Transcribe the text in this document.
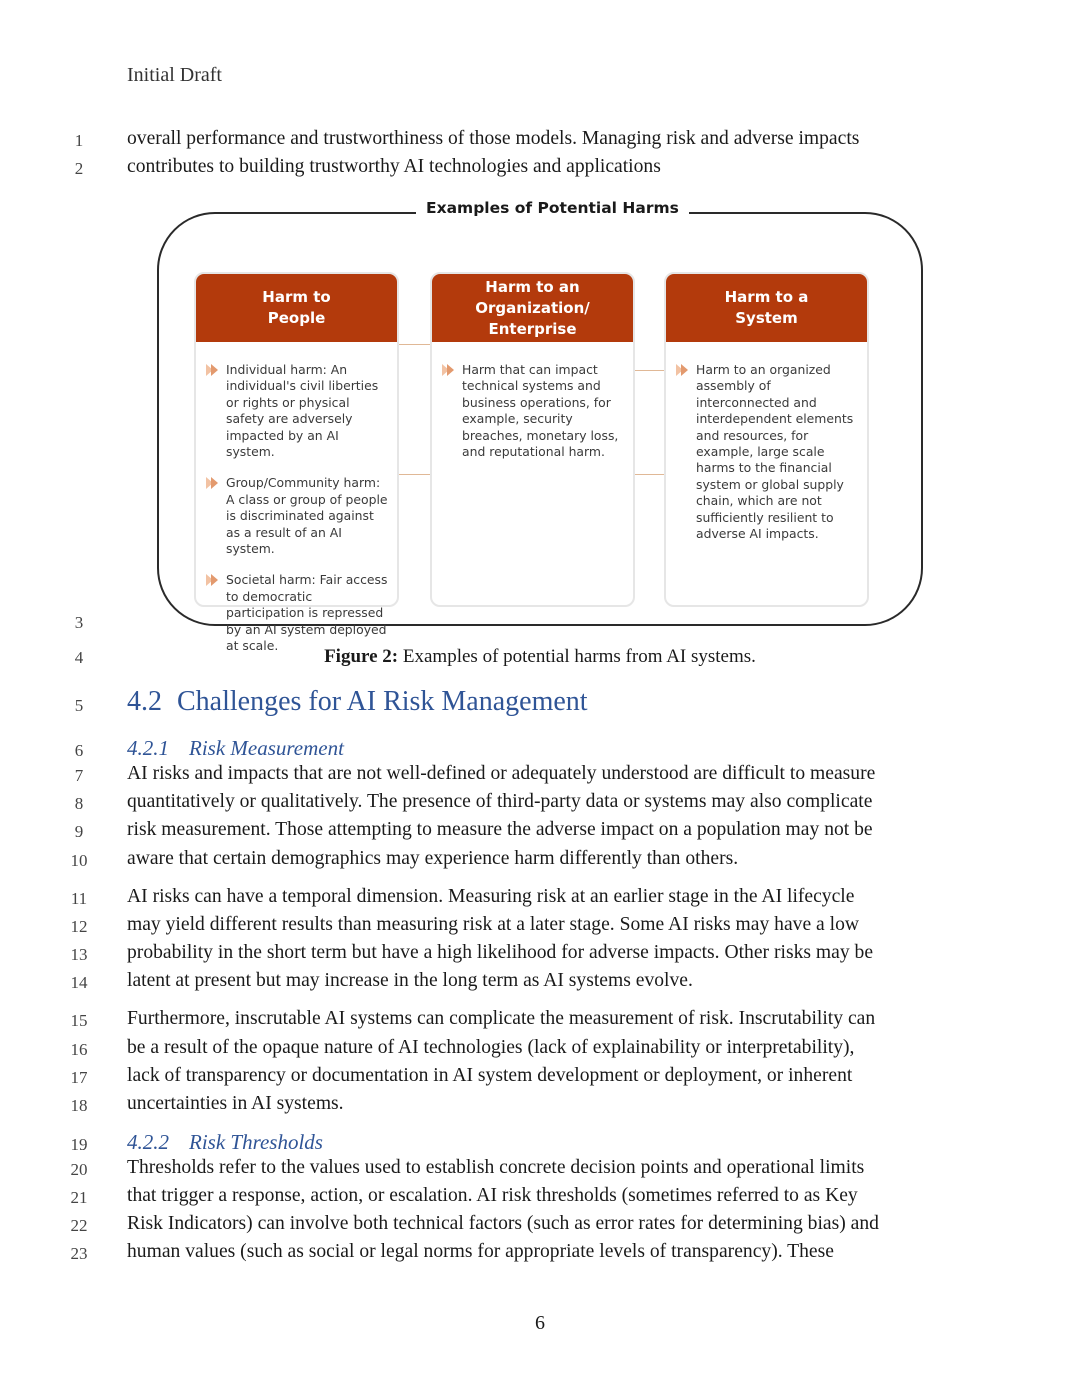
Initial Draft
1
2
3
4
5
6
7
8
9
10
11
12
13
14
15
16
17
18
19
20
21
22
23
overall performance and trustworthiness of those models. Managing risk and adverse impacts
contributes to building trustworthy AI technologies and applications
Examples of Potential Harms
Harm to
People
Individual harm: An individual's civil liberties or rights or physical safety are adversely impacted by an AI system.
Group/Community harm: A class or group of people is discriminated against as a result of an AI system.
Societal harm: Fair access to democratic participation is repressed by an AI system deployed at scale.
Harm to an
Organization/
Enterprise
Harm that can impact technical systems and business operations, for example, security breaches, monetary loss, and reputational harm.
Harm to a
System
Harm to an organized assembly of interconnected and interdependent elements and resources, for example, large scale harms to the financial system or global supply chain, which are not sufficiently resilient to adverse AI impacts.
Figure 2: Examples of potential harms from AI systems.
4.2 Challenges for AI Risk Management
4.2.1 Risk Measurement
AI risks and impacts that are not well-defined or adequately understood are difficult to measure
quantitatively or qualitatively. The presence of third-party data or systems may also complicate
risk measurement. Those attempting to measure the adverse impact on a population may not be
aware that certain demographics may experience harm differently than others.
AI risks can have a temporal dimension. Measuring risk at an earlier stage in the AI lifecycle
may yield different results than measuring risk at a later stage. Some AI risks may have a low
probability in the short term but have a high likelihood for adverse impacts. Other risks may be
latent at present but may increase in the long term as AI systems evolve.
Furthermore, inscrutable AI systems can complicate the measurement of risk. Inscrutability can
be a result of the opaque nature of AI technologies (lack of explainability or interpretability),
lack of transparency or documentation in AI system development or deployment, or inherent
uncertainties in AI systems.
4.2.2 Risk Thresholds
Thresholds refer to the values used to establish concrete decision points and operational limits
that trigger a response, action, or escalation. AI risk thresholds (sometimes referred to as Key
Risk Indicators) can involve both technical factors (such as error rates for determining bias) and
human values (such as social or legal norms for appropriate levels of transparency). These
6
